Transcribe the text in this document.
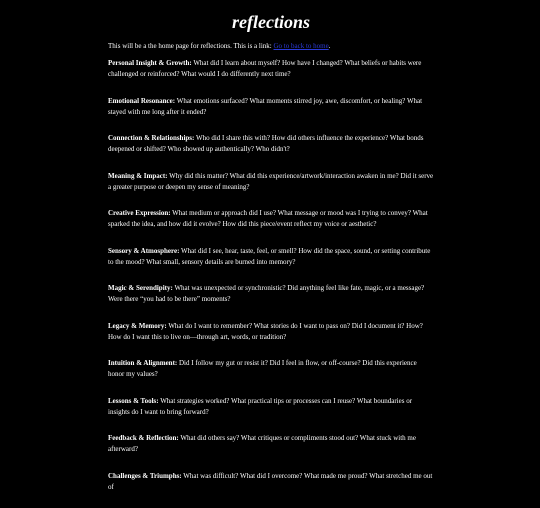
reflections
This will be a the home page for reflections. This is a link: Go to back to home.

Personal Insight & Growth: What did I learn about myself? How have I changed? What beliefs or habits were challenged or reinforced? What would I do differently next time?

Emotional Resonance: What emotions surfaced? What moments stirred joy, awe, discomfort, or healing? What stayed with me long after it ended?

Connection & Relationships: Who did I share this with? How did others influence the experience? What bonds deepened or shifted? Who showed up authentically? Who didn't?

Meaning & Impact: Why did this matter? What did this experience/artwork/interaction awaken in me? Did it serve a greater purpose or deepen my sense of meaning?

Creative Expression: What medium or approach did I use? What message or mood was I trying to convey? What sparked the idea, and how did it evolve? How did this piece/event reflect my voice or aesthetic?

Sensory & Atmosphere: What did I see, hear, taste, feel, or smell? How did the space, sound, or setting contribute to the mood? What small, sensory details are burned into memory?

Magic & Serendipity: What was unexpected or synchronistic? Did anything feel like fate, magic, or a message? Were there “you had to be there” moments?

Legacy & Memory: What do I want to remember? What stories do I want to pass on? Did I document it? How? How do I want this to live on—through art, words, or tradition?

Intuition & Alignment: Did I follow my gut or resist it? Did I feel in flow, or off-course? Did this experience honor my values?

Lessons & Tools: What strategies worked? What practical tips or processes can I reuse? What boundaries or insights do I want to bring forward?

Feedback & Reflection: What did others say? What critiques or compliments stood out? What stuck with me afterward?

Challenges & Triumphs: What was difficult? What did I overcome? What made me proud? What stretched me out of
